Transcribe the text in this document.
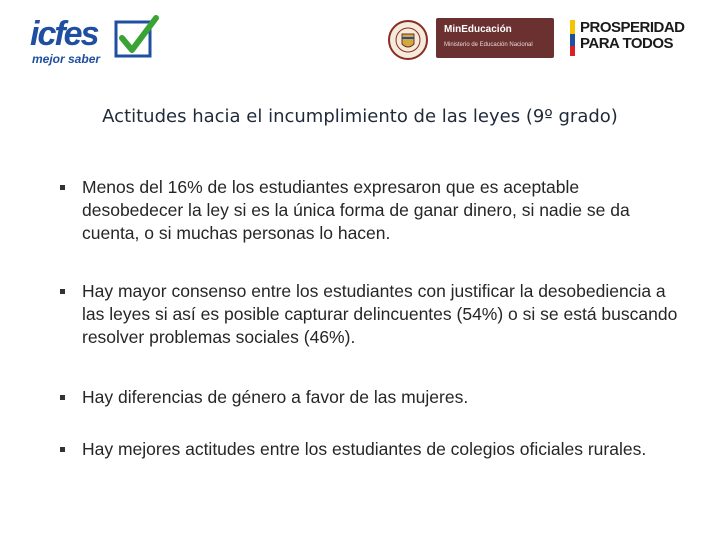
icfes
mejor saber
MinEducación
Ministerio de Educación Nacional
PROSPERIDAD
PARA TODOS
Actitudes hacia el incumplimiento de las leyes (9º grado)
Menos del 16% de los estudiantes expresaron que es aceptable desobedecer la ley si es la única forma de ganar dinero, si nadie se da cuenta, o si muchas personas lo hacen.
Hay mayor consenso entre los estudiantes con justificar la desobediencia a las leyes si así es posible capturar delincuentes (54%) o si se está buscando resolver problemas sociales (46%).
Hay diferencias de género a favor de las mujeres.
Hay mejores actitudes entre los estudiantes de colegios oficiales rurales.
